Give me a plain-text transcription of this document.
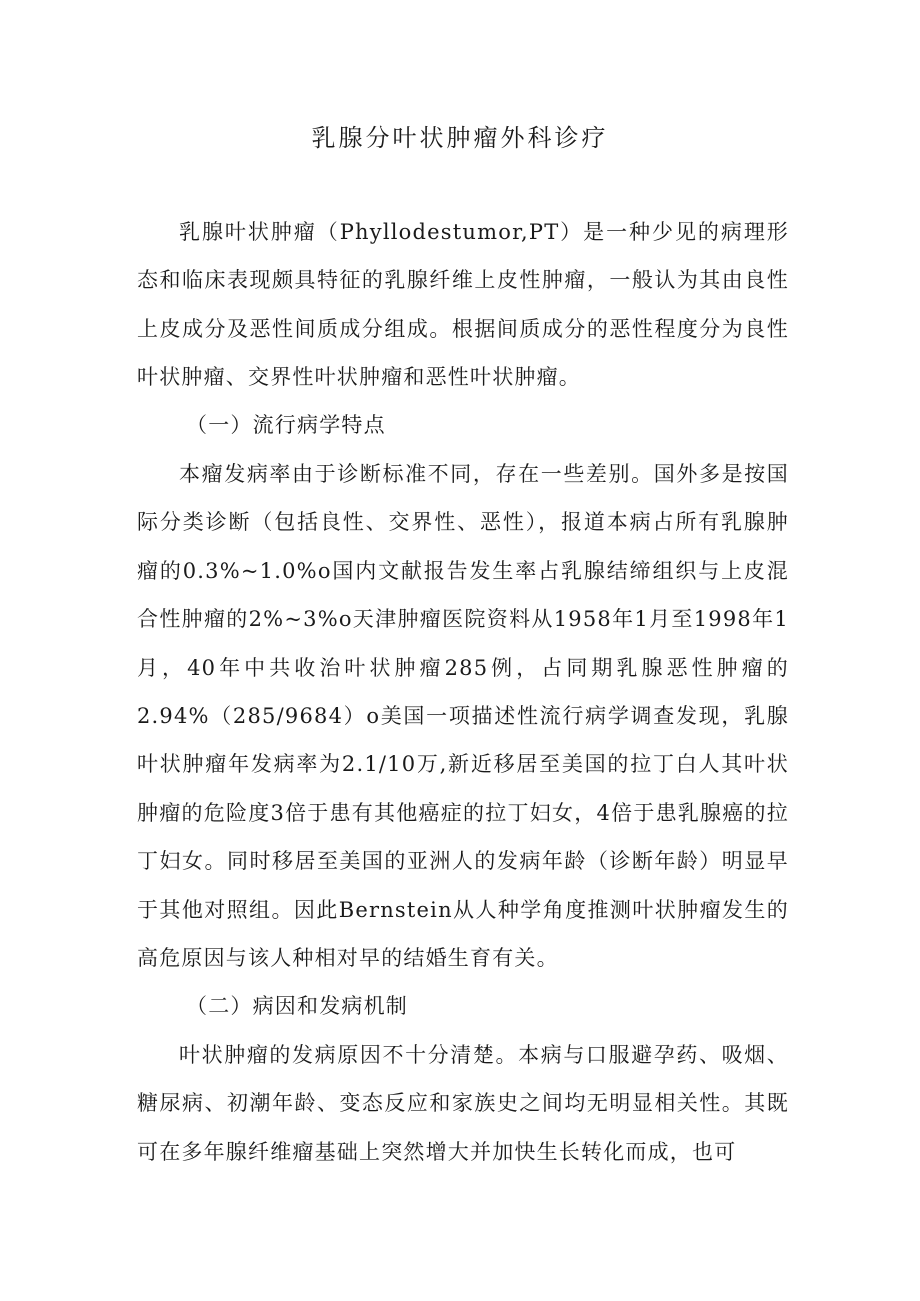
乳腺分叶状肿瘤外科诊疗

乳腺叶状肿瘤（Phyllodestumor,PT）是一种少见的病理形态和临床表现颇具特征的乳腺纤维上皮性肿瘤，一般认为其由良性上皮成分及恶性间质成分组成。根据间质成分的恶性程度分为良性叶状肿瘤、交界性叶状肿瘤和恶性叶状肿瘤。

（一）流行病学特点

本瘤发病率由于诊断标准不同，存在一些差别。国外多是按国际分类诊断（包括良性、交界性、恶性），报道本病占所有乳腺肿瘤的0.3%~1.0%o国内文献报告发生率占乳腺结缔组织与上皮混合性肿瘤的2%~3%o天津肿瘤医院资料从1958年1月至1998年1月，40年中共收治叶状肿瘤285例，占同期乳腺恶性肿瘤的2.94%（285/9684）o美国一项描述性流行病学调查发现，乳腺叶状肿瘤年发病率为2.1/10万,新近移居至美国的拉丁白人其叶状肿瘤的危险度3倍于患有其他癌症的拉丁妇女，4倍于患乳腺癌的拉丁妇女。同时移居至美国的亚洲人的发病年龄（诊断年龄）明显早于其他对照组。因此Bernstein从人种学角度推测叶状肿瘤发生的高危原因与该人种相对早的结婚生育有关。

（二）病因和发病机制

叶状肿瘤的发病原因不十分清楚。本病与口服避孕药、吸烟、糖尿病、初潮年龄、变态反应和家族史之间均无明显相关性。其既可在多年腺纤维瘤基础上突然增大并加快生长转化而成，也可
